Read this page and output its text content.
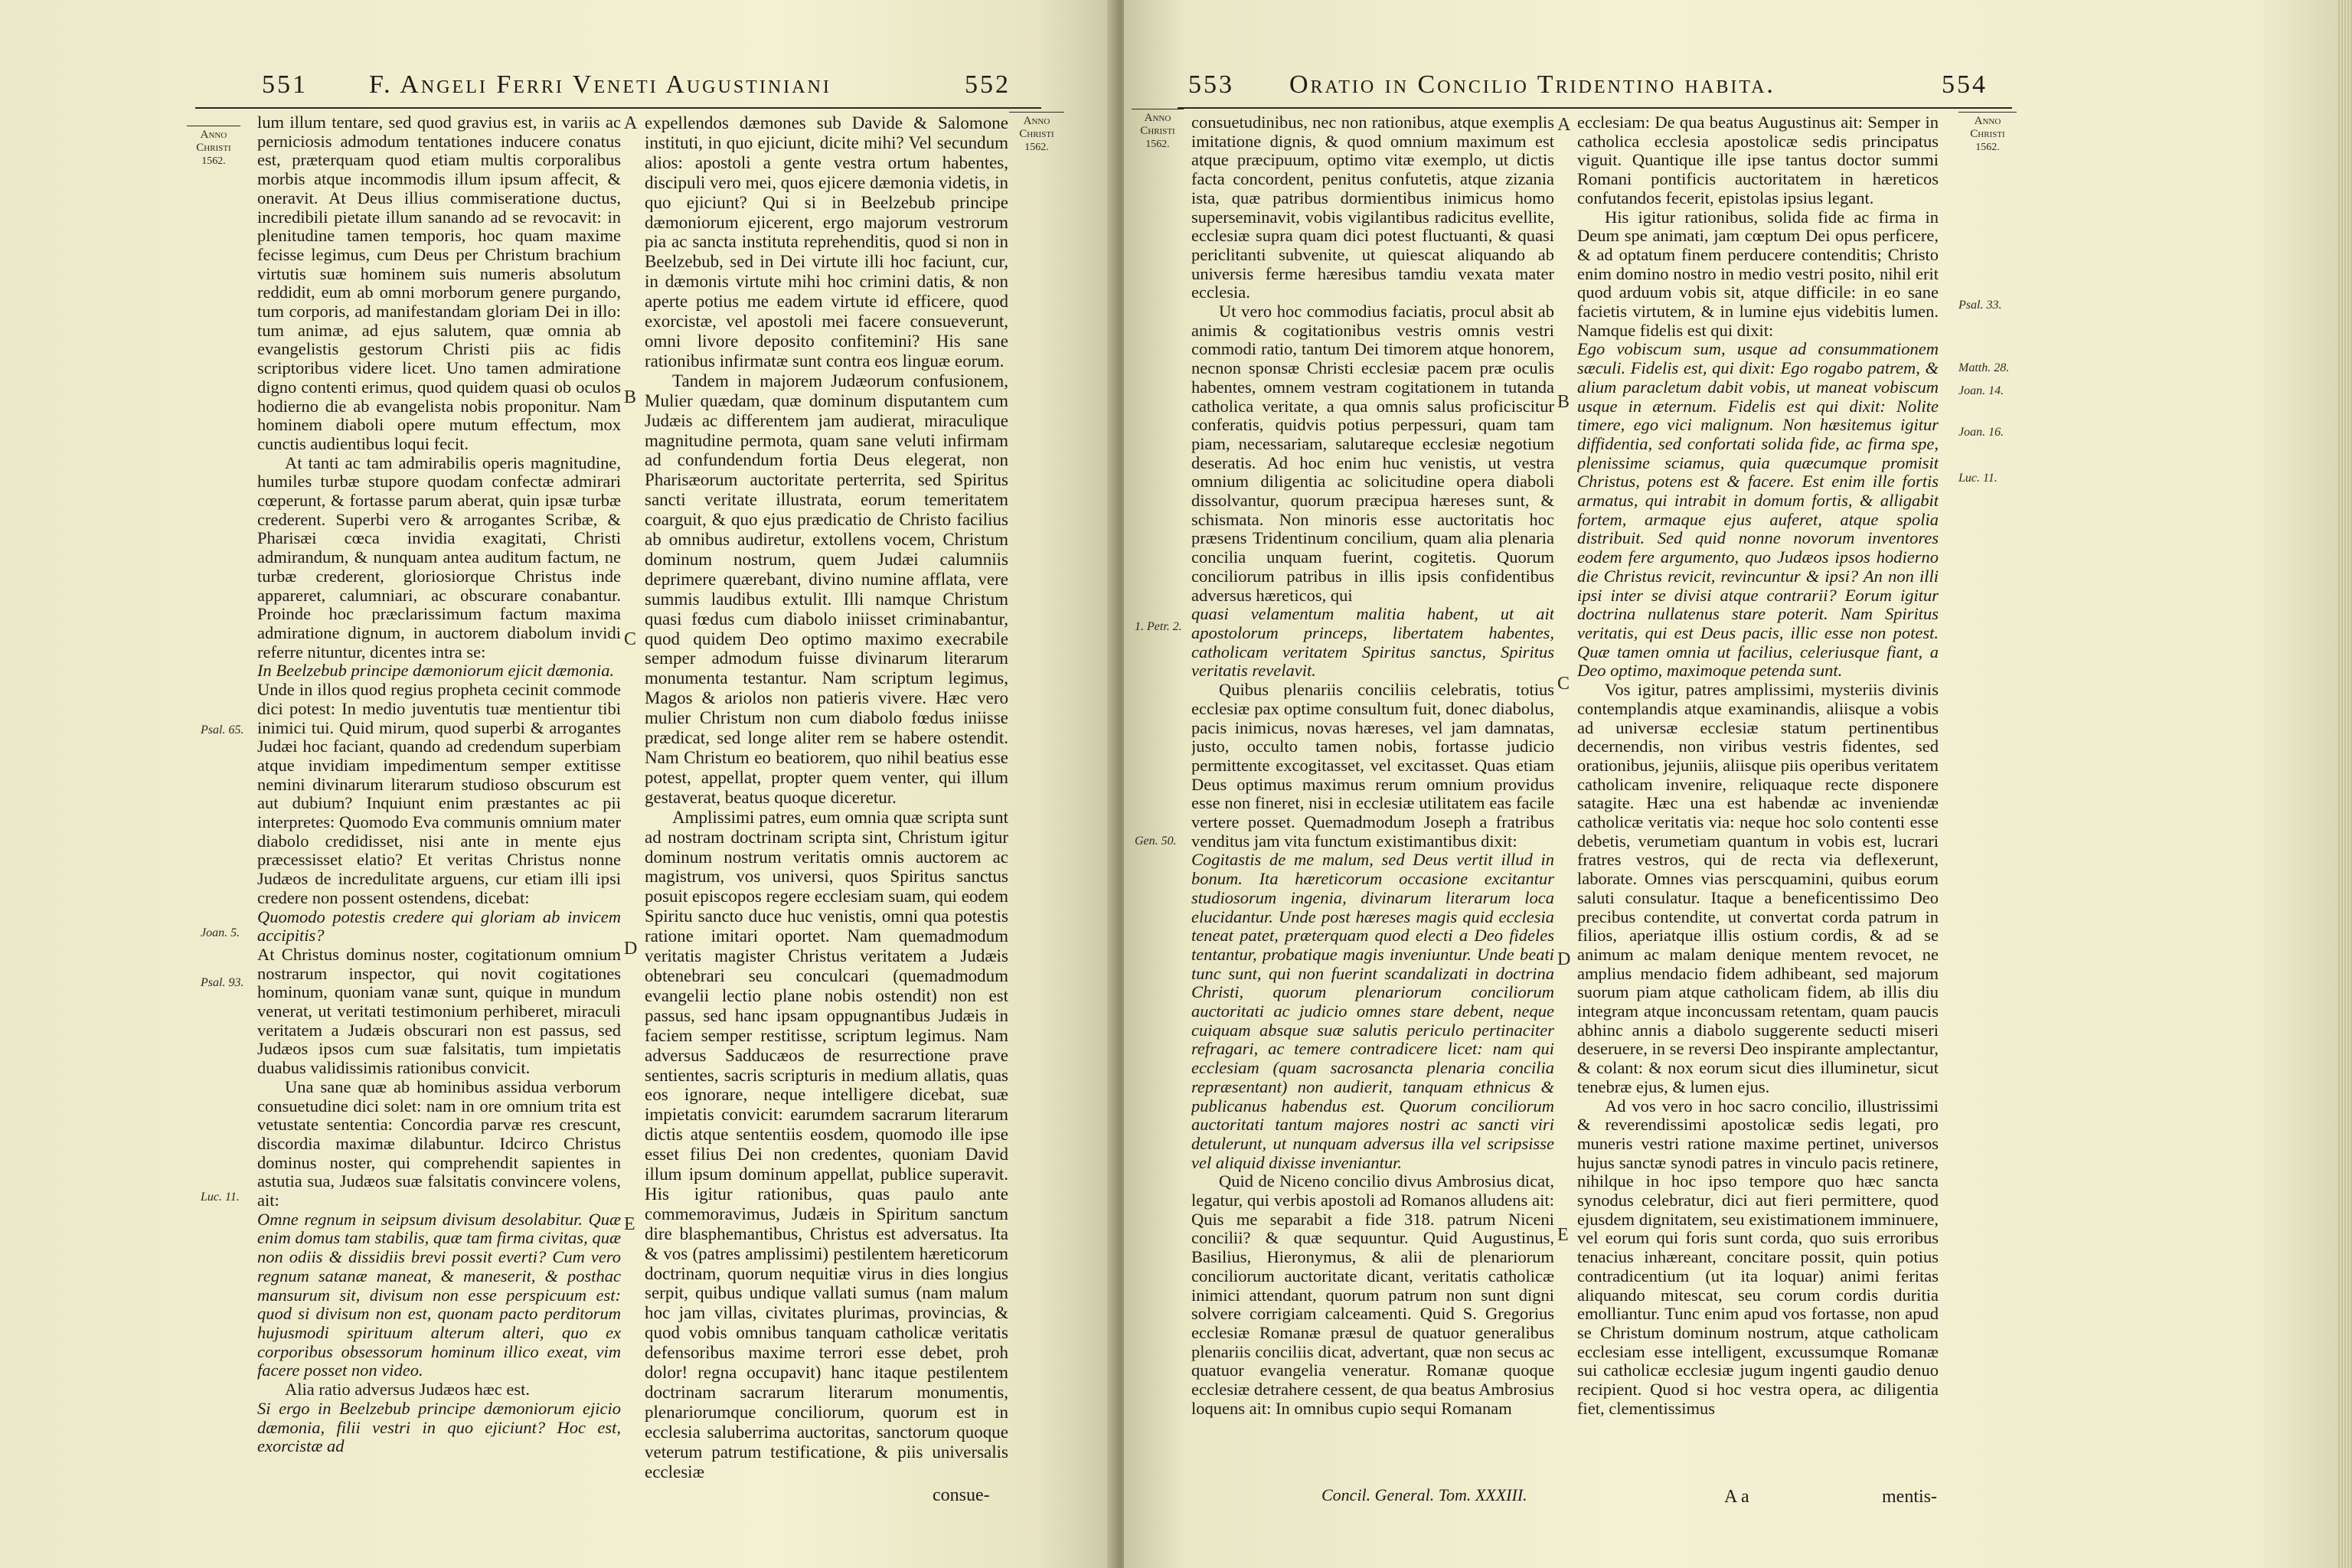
551 F. Angeli Ferri Veneti Augustiniani	552
Anno Christi
1562.
Anno Christi
1562.

lum illum tentare, sed quod gravius est, in variis ac perniciosis admodum tentationes inducere conatus est, præterquam quod etiam multis corporalibus morbis atque incommodis illum ipsum affecit, & oneravit. At Deus illius commiseratione ductus, incredibili pietate illum sanando ad se revocavit: in plenitudine tamen temporis, hoc quam maxime fecisse legimus, cum Deus per Christum brachium virtutis suæ hominem suis numeris absolutum reddidit, eum ab omni morborum genere purgando, tum corporis, ad manifestandam gloriam Dei in illo: tum animæ, ad ejus salutem, quæ omnia ab evangelistis gestorum Christi piis ac fidis scriptoribus videre licet. Uno tamen admiratione digno contenti erimus, quod quidem quasi ob oculos hodierno die ab evangelista nobis proponitur. Nam hominem diaboli opere mutum effectum, mox cunctis audientibus loqui fecit.

At tanti ac tam admirabilis operis magnitudine, humiles turbæ stupore quodam confectæ admirari cœperunt, & fortasse parum aberat, quin ipsæ turbæ crederent. Superbi vero & arrogantes Scribæ, & Pharisæi cœca invidia exagitati, Christi admirandum, & nunquam antea auditum factum, ne turbæ crederent, gloriosiorque Christus inde appareret, calumniari, ac obscurare conabantur. Proinde hoc præclarissimum factum maxima admiratione dignum, in auctorem diabolum invidi referre nituntur, dicentes intra se:

In Beelzebub principe dæmoniorum ejicit dæmonia.

Unde in illos quod regius propheta cecinit commode dici potest: In medio juventutis tuæ mentientur tibi inimici tui. Quid mirum, quod superbi & arrogantes Judæi hoc faciant, quando ad credendum superbiam atque invidiam impedimentum semper extitisse nemini divinarum literarum studioso obscurum est aut dubium? Inquiunt enim præstantes ac pii interpretes: Quomodo Eva communis omnium mater diabolo credidisset, nisi ante in mente ejus præcessisset elatio? Et veritas Christus nonne Judæos de incredulitate arguens, cur etiam illi ipsi credere non possent ostendens, dicebat:

Quomodo potestis credere qui gloriam ab invicem accipitis?

At Christus dominus noster, cogitationum omnium nostrarum inspector, qui novit cogitationes hominum, quoniam vanæ sunt, quique in mundum venerat, ut veritati testimonium perhiberet, miraculi veritatem a Judæis obscurari non est passus, sed Judæos ipsos cum suæ falsitatis, tum impietatis duabus validissimis rationibus convicit.

Una sane quæ ab hominibus assidua verborum consuetudine dici solet: nam in ore omnium trita est vetustate sententia: Concordia parvæ res crescunt, discordia maximæ dilabuntur. Idcirco Christus dominus noster, qui comprehendit sapientes in astutia sua, Judæos suæ falsitatis convincere volens, ait:

Omne regnum in seipsum divisum desolabitur. Quæ enim domus tam stabilis, quæ tam firma civitas, quæ non odiis & dissidiis brevi possit everti? Cum vero regnum satanæ maneat, & maneserit, & posthac mansurum sit, divisum non esse perspicuum est: quod si divisum non est, quonam pacto perditorum hujusmodi spirituum alterum alteri, quo ex corporibus obsessorum hominum illico exeat, vim facere posset non video.

Alia ratio adversus Judæos hæc est.

Si ergo in Beelzebub principe dæmoniorum ejicio dæmonia, filii vestri in quo ejiciunt? Hoc est, exorcistæ ad

expellendos dæmones sub Davide & Salomone instituti, in quo ejiciunt, dicite mihi? Vel secundum alios: apostoli a gente vestra ortum habentes, discipuli vero mei, quos ejicere dæmonia videtis, in quo ejiciunt? Qui si in Beelzebub principe dæmoniorum ejicerent, ergo majorum vestrorum pia ac sancta instituta reprehenditis, quod si non in Beelzebub, sed in Dei virtute illi hoc faciunt, cur, in dæmonis virtute mihi hoc crimini datis, & non aperte potius me eadem virtute id efficere, quod exorcistæ, vel apostoli mei facere consueverunt, omni livore deposito confitemini? His sane rationibus infirmatæ sunt contra eos linguæ eorum.

Tandem in majorem Judæorum confusionem, Mulier quædam, quæ dominum disputantem cum Judæis ac differentem jam audierat, miraculique magnitudine permota, quam sane veluti infirmam ad confundendum fortia Deus elegerat, non Pharisæorum auctoritate perterrita, sed Spiritus sancti veritate illustrata, eorum temeritatem coarguit, & quo ejus prædicatio de Christo facilius ab omnibus audiretur, extollens vocem, Christum dominum nostrum, quem Judæi calumniis deprimere quærebant, divino numine afflata, vere summis laudibus extulit. Illi namque Christum quasi fœdus cum diabolo iniisset criminabantur, quod quidem Deo optimo maximo execrabile semper admodum fuisse divinarum literarum monumenta testantur. Nam scriptum legimus, Magos & ariolos non patieris vivere. Hæc vero mulier Christum non cum diabolo fœdus iniisse prædicat, sed longe aliter rem se habere ostendit. Nam Christum eo beatiorem, quo nihil beatius esse potest, appellat, propter quem venter, qui illum gestaverat, beatus quoque diceretur.

Amplissimi patres, eum omnia quæ scripta sunt ad nostram doctrinam scripta sint, Christum igitur dominum nostrum veritatis omnis auctorem ac magistrum, vos universi, quos Spiritus sanctus posuit episcopos regere ecclesiam suam, qui eodem Spiritu sancto duce huc venistis, omni qua potestis ratione imitari oportet. Nam quemadmodum veritatis magister Christus veritatem a Judæis obtenebrari seu conculcari (quemadmodum evangelii lectio plane nobis ostendit) non est passus, sed hanc ipsam oppugnantibus Judæis in faciem semper restitisse, scriptum legimus. Nam adversus Sadducæos de resurrectione prave sentientes, sacris scripturis in medium allatis, quas eos ignorare, neque intelligere dicebat, suæ impietatis convicit: earumdem sacrarum literarum dictis atque sententiis eosdem, quomodo ille ipse esset filius Dei non credentes, quoniam David illum ipsum dominum appellat, publice superavit. His igitur rationibus, quas paulo ante commemoravimus, Judæis in Spiritum sanctum dire blasphemantibus, Christus est adversatus. Ita & vos (patres amplissimi) pestilentem hæreticorum doctrinam, quorum nequitiæ virus in dies longius serpit, quibus undique vallati sumus (nam malum hoc jam villas, civitates plurimas, provincias, & quod vobis omnibus tanquam catholicæ veritatis defensoribus maxime terrori esse debet, proh dolor! regna occupavit) hanc itaque pestilentem doctrinam sacrarum literarum monumentis, plenariorumque conciliorum, quorum est in ecclesia saluberrima auctoritas, sanctorum quoque veterum patrum testificatione, & piis universalis ecclesiæ

consue-
Psal. 65.
Joan. 5.
Psal. 93.
Luc. 11.
A
B
C
D
E
553 Oratio in Concilio Tridentino habita.	554
Anno Christi
1562.
Anno Christi
1562.

consuetudinibus, nec non rationibus, atque exemplis imitatione dignis, & quod omnium maximum est atque præcipuum, optimo vitæ exemplo, ut dictis facta concordent, penitus confutetis, atque zizania ista, quæ patribus dormientibus inimicus homo superseminavit, vobis vigilantibus radicitus evellite, ecclesiæ supra quam dici potest fluctuanti, & quasi periclitanti subvenite, ut quiescat aliquando ab universis ferme hæresibus tamdiu vexata mater ecclesia.

Ut vero hoc commodius faciatis, procul absit ab animis & cogitationibus vestris omnis vestri commodi ratio, tantum Dei timorem atque honorem, necnon sponsæ Christi ecclesiæ pacem præ oculis habentes, omnem vestram cogitationem in tutanda catholica veritate, a qua omnis salus proficiscitur conferatis, quidvis potius perpessuri, quam tam piam, necessariam, salutareque ecclesiæ negotium deseratis. Ad hoc enim huc venistis, ut vestra omnium diligentia ac solicitudine opera diaboli dissolvantur, quorum præcipua hæreses sunt, & schismata. Non minoris esse auctoritatis hoc præsens Tridentinum concilium, quam alia plenaria concilia unquam fuerint, cogitetis. Quorum conciliorum patribus in illis ipsis confidentibus adversus hæreticos, qui

quasi velamentum malitia habent, ut ait apostolorum princeps, libertatem habentes, catholicam veritatem Spiritus sanctus, Spiritus veritatis revelavit.

Quibus plenariis conciliis celebratis, totius ecclesiæ pax optime consultum fuit, donec diabolus, pacis inimicus, novas hæreses, vel jam damnatas, justo, occulto tamen nobis, fortasse judicio permittente excogitasset, vel excitasset. Quas etiam Deus optimus maximus rerum omnium providus esse non fineret, nisi in ecclesiæ utilitatem eas facile vertere posset. Quemadmodum Joseph a fratribus venditus jam vita functum existimantibus dixit:

Cogitastis de me malum, sed Deus vertit illud in bonum. Ita hæreticorum occasione excitantur studiosorum ingenia, divinarum literarum loca elucidantur. Unde post hæreses magis quid ecclesia teneat patet, præterquam quod electi a Deo fideles tentantur, probatique magis inveniuntur. Unde beati tunc sunt, qui non fuerint scandalizati in doctrina Christi, quorum plenariorum conciliorum auctoritati ac judicio omnes stare debent, neque cuiquam absque suæ salutis periculo pertinaciter refragari, ac temere contradicere licet: nam qui ecclesiam (quam sacrosancta plenaria concilia repræsentant) non audierit, tanquam ethnicus & publicanus habendus est. Quorum conciliorum auctoritati tantum majores nostri ac sancti viri detulerunt, ut nunquam adversus illa vel scripsisse vel aliquid dixisse inveniantur.

Quid de Niceno concilio divus Ambrosius dicat, legatur, qui verbis apostoli ad Romanos alludens ait: Quis me separabit a fide 318. patrum Niceni concilii? & quæ sequuntur. Quid Augustinus, Basilius, Hieronymus, & alii de plenariorum conciliorum auctoritate dicant, veritatis catholicæ inimici attendant, quorum patrum non sunt digni solvere corrigiam calceamenti. Quid S. Gregorius ecclesiæ Romanæ præsul de quatuor generalibus plenariis conciliis dicat, advertant, quæ non secus ac quatuor evangelia veneratur. Romanæ quoque ecclesiæ detrahere cessent, de qua beatus Ambrosius loquens ait: In omnibus cupio sequi Romanam

ecclesiam: De qua beatus Augustinus ait: Semper in catholica ecclesia apostolicæ sedis principatus viguit. Quantique ille ipse tantus doctor summi Romani pontificis auctoritatem in hæreticos confutandos fecerit, epistolas ipsius legant.

His igitur rationibus, solida fide ac firma in Deum spe animati, jam cœptum Dei opus perficere, & ad optatum finem perducere contenditis; Christo enim domino nostro in medio vestri posito, nihil erit quod arduum vobis sit, atque difficile: in eo sane facietis virtutem, & in lumine ejus videbitis lumen. Namque fidelis est qui dixit:

Ego vobiscum sum, usque ad consummationem sæculi. Fidelis est, qui dixit: Ego rogabo patrem, & alium paracletum dabit vobis, ut maneat vobiscum usque in æternum. Fidelis est qui dixit: Nolite timere, ego vici malignum. Non hæsitemus igitur diffidentia, sed confortati solida fide, ac firma spe, plenissime sciamus, quia quæcumque promisit Christus, potens est & facere. Est enim ille fortis armatus, qui intrabit in domum fortis, & alligabit fortem, armaque ejus auferet, atque spolia distribuit. Sed quid nonne novorum inventores eodem fere argumento, quo Judæos ipsos hodierno die Christus revicit, revincuntur & ipsi? An non illi ipsi inter se divisi atque contrarii? Eorum igitur doctrina nullatenus stare poterit. Nam Spiritus veritatis, qui est Deus pacis, illic esse non potest. Quæ tamen omnia ut facilius, celeriusque fiant, a Deo optimo, maximoque petenda sunt.

Vos igitur, patres amplissimi, mysteriis divinis contemplandis atque examinandis, aliisque a vobis ad universæ ecclesiæ statum pertinentibus decernendis, non viribus vestris fidentes, sed orationibus, jejuniis, aliisque piis operibus veritatem catholicam invenire, reliquaque recte disponere satagite. Hæc una est habendæ ac inveniendæ catholicæ veritatis via: neque hoc solo contenti esse debetis, verumetiam quantum in vobis est, lucrari fratres vestros, qui de recta via deflexerunt, laborate. Omnes vias perscquamini, quibus eorum saluti consulatur. Itaque a beneficentissimo Deo precibus contendite, ut convertat corda patrum in filios, aperiatque illis ostium cordis, & ad se animum ac malam denique mentem revocet, ne amplius mendacio fidem adhibeant, sed majorum suorum piam atque catholicam fidem, ab illis diu integram atque inconcussam retentam, quam paucis abhinc annis a diabolo suggerente seducti miseri deseruere, in se reversi Deo inspirante amplectantur, & colant: & nox eorum sicut dies illuminetur, sicut tenebræ ejus, & lumen ejus.

Ad vos vero in hoc sacro concilio, illustrissimi & reverendissimi apostolicæ sedis legati, pro muneris vestri ratione maxime pertinet, universos hujus sanctæ synodi patres in vinculo pacis retinere, nihilque in hoc ipso tempore quo hæc sancta synodus celebratur, dici aut fieri permittere, quod ejusdem dignitatem, seu existimationem imminuere, vel eorum qui foris sunt corda, quo suis erroribus tenacius inhæreant, concitare possit, quin potius contradicentium (ut ita loquar) animi feritas aliquando mitescat, seu corum cordis duritia emolliantur. Tunc enim apud vos fortasse, non apud se Christum dominum nostrum, atque catholicam ecclesiam esse intelligent, excussumque Romanæ sui catholicæ ecclesiæ jugum ingenti gaudio denuo recipient. Quod si hoc vestra opera, ac diligentia fiet, clementissimus

A
B
C
D
E
1. Petr. 2.
Gen. 50.
Psal. 33.
Matth. 28.
Joan. 14.
Joan. 16.
Luc. 11.
Concil. General. Tom. XXXIII.	A a	mentis-
